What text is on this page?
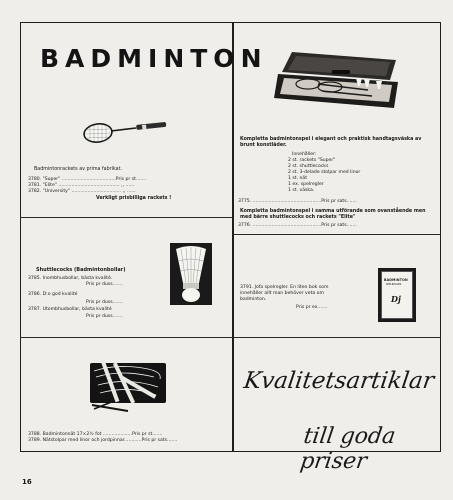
BADMINTON
Badmintonrackets av prima fabrikat.
3780. "Super" .....................................Pris pr st.......
3781. "Elite" .......................................... ,, ......
3782. "University" .................................. ,, ......
Verkligt prisbilliga rackets !
Shuttlecocks (Badmintonbollar)
3785. Inombhusbollar, bästa kvalité.
Pris pr duss.......
3786. D:o god kvalité
Pris pr duss.......
3787. Utombhusbollar, bästa kvalité
Pris pr duss.......
3788. Badmintonnät 17×2½ fot ....................Pris pr st.......
3789. Nätstolpar med linor och jordpinnar............Pris pr sats.......
Kompletta badmintonspel i elegant och praktisk handtagsväska av
brunt konstläder.
Innehåller:
2 st. rackets "Super"
2 st. shuttlecocks
2 st. 3-delade stolpar med linor
1 st. nät
1 ex. spelregler
1 st. väska.
3775. ...............................................Pris pr sats.......
Kompletta badmintonspel i samma utförande som ovanstående men
med bärre shuttlecocks och rackets "Elite"
3776. ...............................................Pris pr sats.......
3791. Jofa spelregler. En liten bok som
innehåller allt man behöver veta om
badminton.
Pris pr ex.......
BADMINTON
SPELREGLER
Dj
Kvalitetsartiklar
till goda priser
16
